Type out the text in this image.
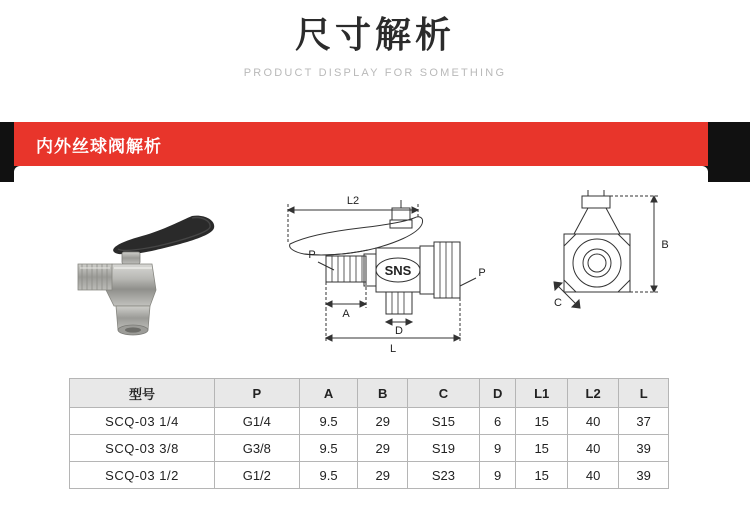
尺寸解析
PRODUCT DISPLAY FOR SOMETHING
内外丝球阀解析
SNS
L2
A
L
P
P
D
B
C
型号	P	A	B	C	D	L1	L2	L
SCQ-03 1/4	G1/4	9.5	29	S15	6	15	40	37
SCQ-03 3/8	G3/8	9.5	29	S19	9	15	40	39
SCQ-03 1/2	G1/2	9.5	29	S23	9	15	40	39
